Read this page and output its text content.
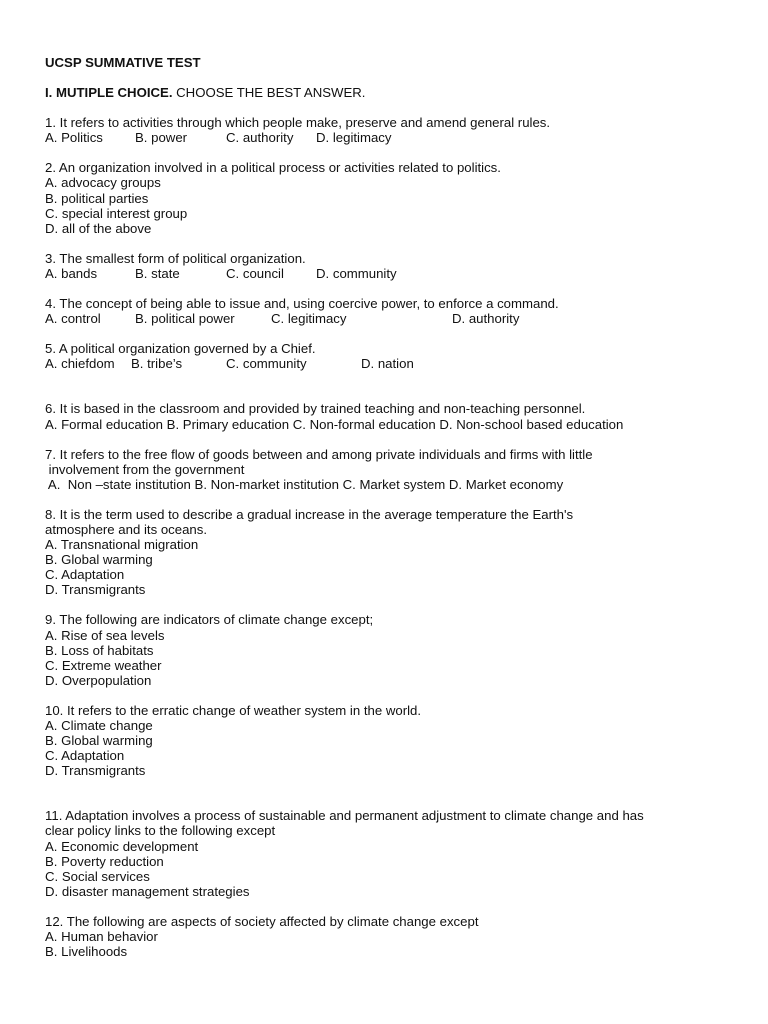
UCSP SUMMATIVE TEST
I. MUTIPLE CHOICE. CHOOSE THE BEST ANSWER.
1. It refers to activities through which people make, preserve and amend general rules.

A. Politics

B. power

	C. authority

D. legitimacy

2. An organization involved in a political process or activities related to politics.
A. advocacy groups
B. political parties
C. special interest group
D. all of the above
3. The smallest form of political organization.

A. bands

	B. state

	C. council

D. community

4. The concept of being able to issue and, using coercive power, to enforce a command.

A. control

	B. political power

	C. legitimacy

	D. authority

5. A political organization governed by a Chief.

A. chiefdom

B. tribe’s

	C. community

	D. nation

6. It is based in the classroom and provided by trained teaching and non-teaching personnel.
A. Formal education B. Primary education C. Non-formal education D. Non-school based education
7. It refers to the free flow of goods between and among private individuals and firms with little
involvement from the government
A.  Non –state institution B. Non-market institution C. Market system D. Market economy
8. It is the term used to describe a gradual increase in the average temperature the Earth's
atmosphere and its oceans.
A. Transnational migration
B. Global warming
C. Adaptation
D. Transmigrants
9. The following are indicators of climate change except;
A. Rise of sea levels
B. Loss of habitats
C. Extreme weather
D. Overpopulation
10. It refers to the erratic change of weather system in the world.
A. Climate change
B. Global warming
C. Adaptation
D. Transmigrants
11. Adaptation involves a process of sustainable and permanent adjustment to climate change and has
clear policy links to the following except
A. Economic development
B. Poverty reduction
C. Social services
D. disaster management strategies
12. The following are aspects of society affected by climate change except
A. Human behavior
B. Livelihoods
